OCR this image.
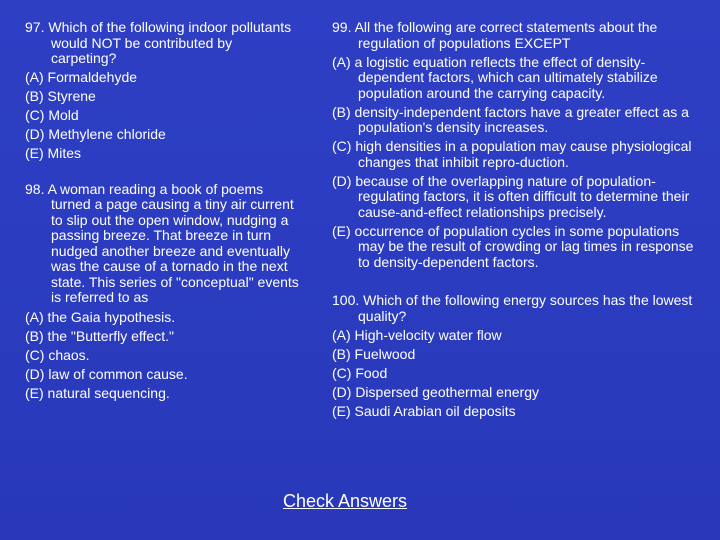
97. Which of the following indoor pollutants would NOT be contributed by carpeting?

(A) Formaldehyde

(B) Styrene

(C) Mold

(D) Methylene chloride

(E) Mites

98. A woman reading a book of poems turned a page causing a tiny air current to slip out the open window, nudging a passing breeze. That breeze in turn nudged another breeze and eventually was the cause of a tornado in the next state. This series of "conceptual" events is referred to as

(A) the Gaia hypothesis.

(B) the "Butterfly effect."

(C) chaos.

(D) law of common cause.

(E) natural sequencing.

99. All the following are correct statements about the regulation of populations EXCEPT

(A) a logistic equation reflects the effect of density-dependent factors, which can ultimately stabilize population around the carrying capacity.

(B) density-independent factors have a greater effect as a population's density increases.

(C) high densities in a population may cause physiological changes that inhibit repro-duction.

(D) because of the overlapping nature of population-regulating factors, it is often difficult to determine their cause-and-effect relationships precisely.

(E) occurrence of population cycles in some populations may be the result of crowding or lag times in response to density-dependent factors.

100. Which of the following energy sources has the lowest quality?

(A) High-velocity water flow

(B) Fuelwood

(C) Food

(D) Dispersed geothermal energy

(E) Saudi Arabian oil deposits

Check Answers
